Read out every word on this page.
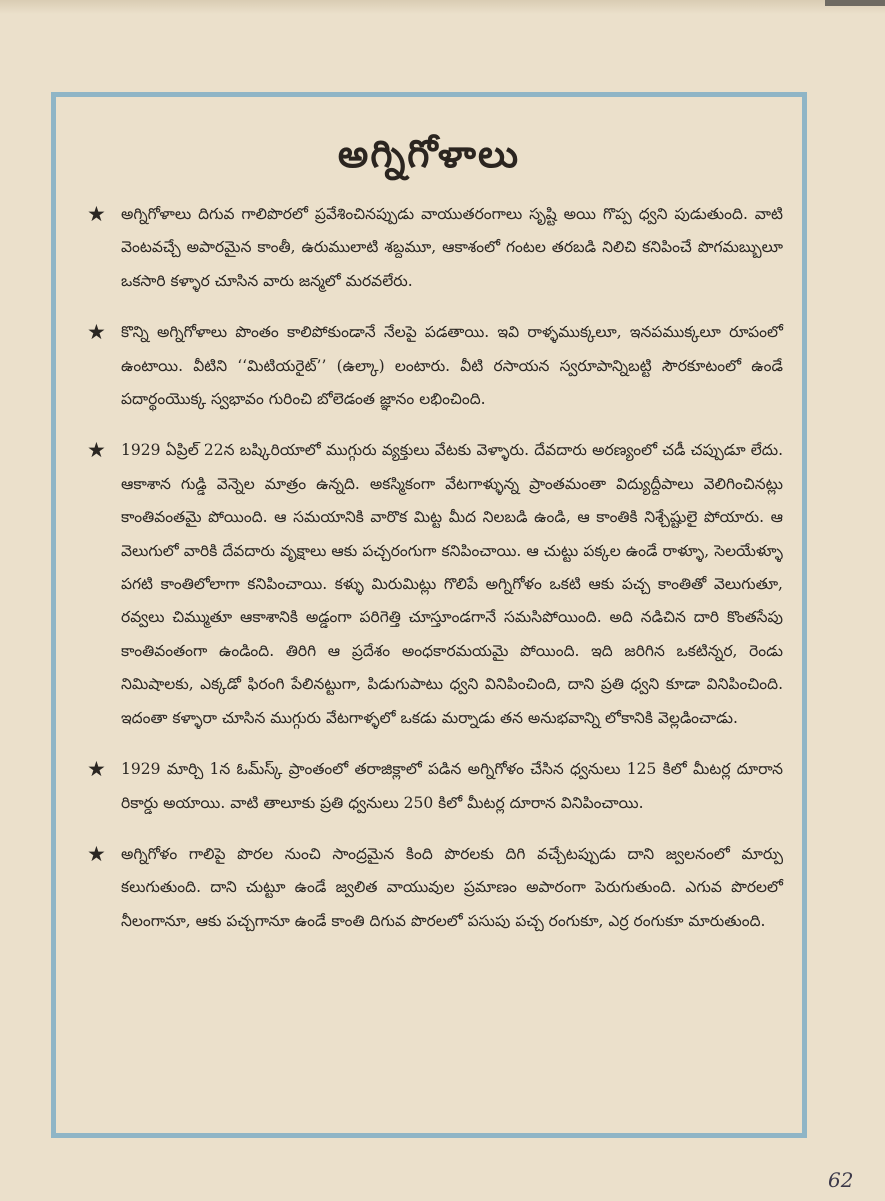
అగ్నిగోళాలు
★ అగ్నిగోళాలు దిగువ గాలిపొరలో ప్రవేశించినప్పుడు వాయుతరంగాలు సృష్టి అయి గొప్ప ధ్వని పుడుతుంది. వాటి వెంటవచ్చే అపారమైన కాంతీ, ఉరుములాటి శబ్దమూ, ఆకాశంలో గంటల తరబడి నిలిచి కనిపించే పొగమబ్బులూ ఒకసారి కళ్ళార చూసిన వారు జన్మలో మరవలేరు.
★ కొన్ని అగ్నిగోళాలు పొంతం కాలిపోకుండానే నేలపై పడతాయి. ఇవి రాళ్ళముక్కలూ, ఇనపముక్కలూ రూపంలో ఉంటాయి. వీటిని ‘‘మిటియరైట్’’ (ఉల్కా) లంటారు. వీటి రసాయన స్వరూపాన్నిబట్టి సౌరకూటంలో ఉండే పదార్థంయొక్క స్వభావం గురించి బోలెడంత జ్ఞానం లభించింది.
★ 1929 ఏప్రిల్ 22న బష్కిరియాలో ముగ్గురు వ్యక్తులు వేటకు వెళ్ళారు. దేవదారు అరణ్యంలో చడీ చప్పుడూ లేదు. ఆకాశాన గుడ్డి వెన్నెల మాత్రం ఉన్నది. అకస్మికంగా వేటగాళ్ళున్న ప్రాంతమంతా విద్యుద్దీపాలు వెలిగించినట్లు కాంతివంతమై పోయింది. ఆ సమయానికి వారొక మిట్ట మీద నిలబడి ఉండి, ఆ కాంతికి నిశ్చేష్టులై పోయారు. ఆ వెలుగులో వారికి దేవదారు వృక్షాలు ఆకు పచ్చరంగుగా కనిపించాయి. ఆ చుట్టు పక్కల ఉండే రాళ్ళూ, సెలయేళ్ళూ పగటి కాంతిలోలాగా కనిపించాయి. కళ్ళు మిరుమిట్లు గొలిపే అగ్నిగోళం ఒకటి ఆకు పచ్చ కాంతితో వెలుగుతూ, రవ్వలు చిమ్ముతూ ఆకాశానికి అడ్డంగా పరిగెత్తి చూస్తూండగానే సమసిపోయింది. అది నడిచిన దారి కొంతసేపు కాంతివంతంగా ఉండింది. తిరిగి ఆ ప్రదేశం అంధకారమయమై పోయింది. ఇది జరిగిన ఒకటిన్నర, రెండు నిమిషాలకు, ఎక్కడో ఫిరంగి పేలినట్టుగా, పిడుగుపాటు ధ్వని వినిపించింది, దాని ప్రతి ధ్వని కూడా వినిపించింది. ఇదంతా కళ్ళారా చూసిన ముగ్గురు వేటగాళ్ళలో ఒకడు మర్నాడు తన అనుభవాన్ని లోకానికి వెల్లడించాడు.
★ 1929 మార్చి 1న ఓమ్‌స్క్ ప్రాంతంలో తరాజిక్లాలో పడిన అగ్నిగోళం చేసిన ధ్వనులు 125 కిలో మీటర్ల దూరాన రికార్డు అయాయి. వాటి తాలూకు ప్రతి ధ్వనులు 250 కిలో మీటర్ల దూరాన వినిపించాయి.
★ అగ్నిగోళం గాలిపై పొరల నుంచి సాంద్రమైన కింది పొరలకు దిగి వచ్చేటప్పుడు దాని జ్వలనంలో మార్పు కలుగుతుంది. దాని చుట్టూ ఉండే జ్వలిత వాయువుల ప్రమాణం అపారంగా పెరుగుతుంది. ఎగువ పొరలలో నీలంగానూ, ఆకు పచ్చగానూ ఉండే కాంతి దిగువ పొరలలో పసుపు పచ్చ రంగుకూ, ఎర్ర రంగుకూ మారుతుంది.
62
